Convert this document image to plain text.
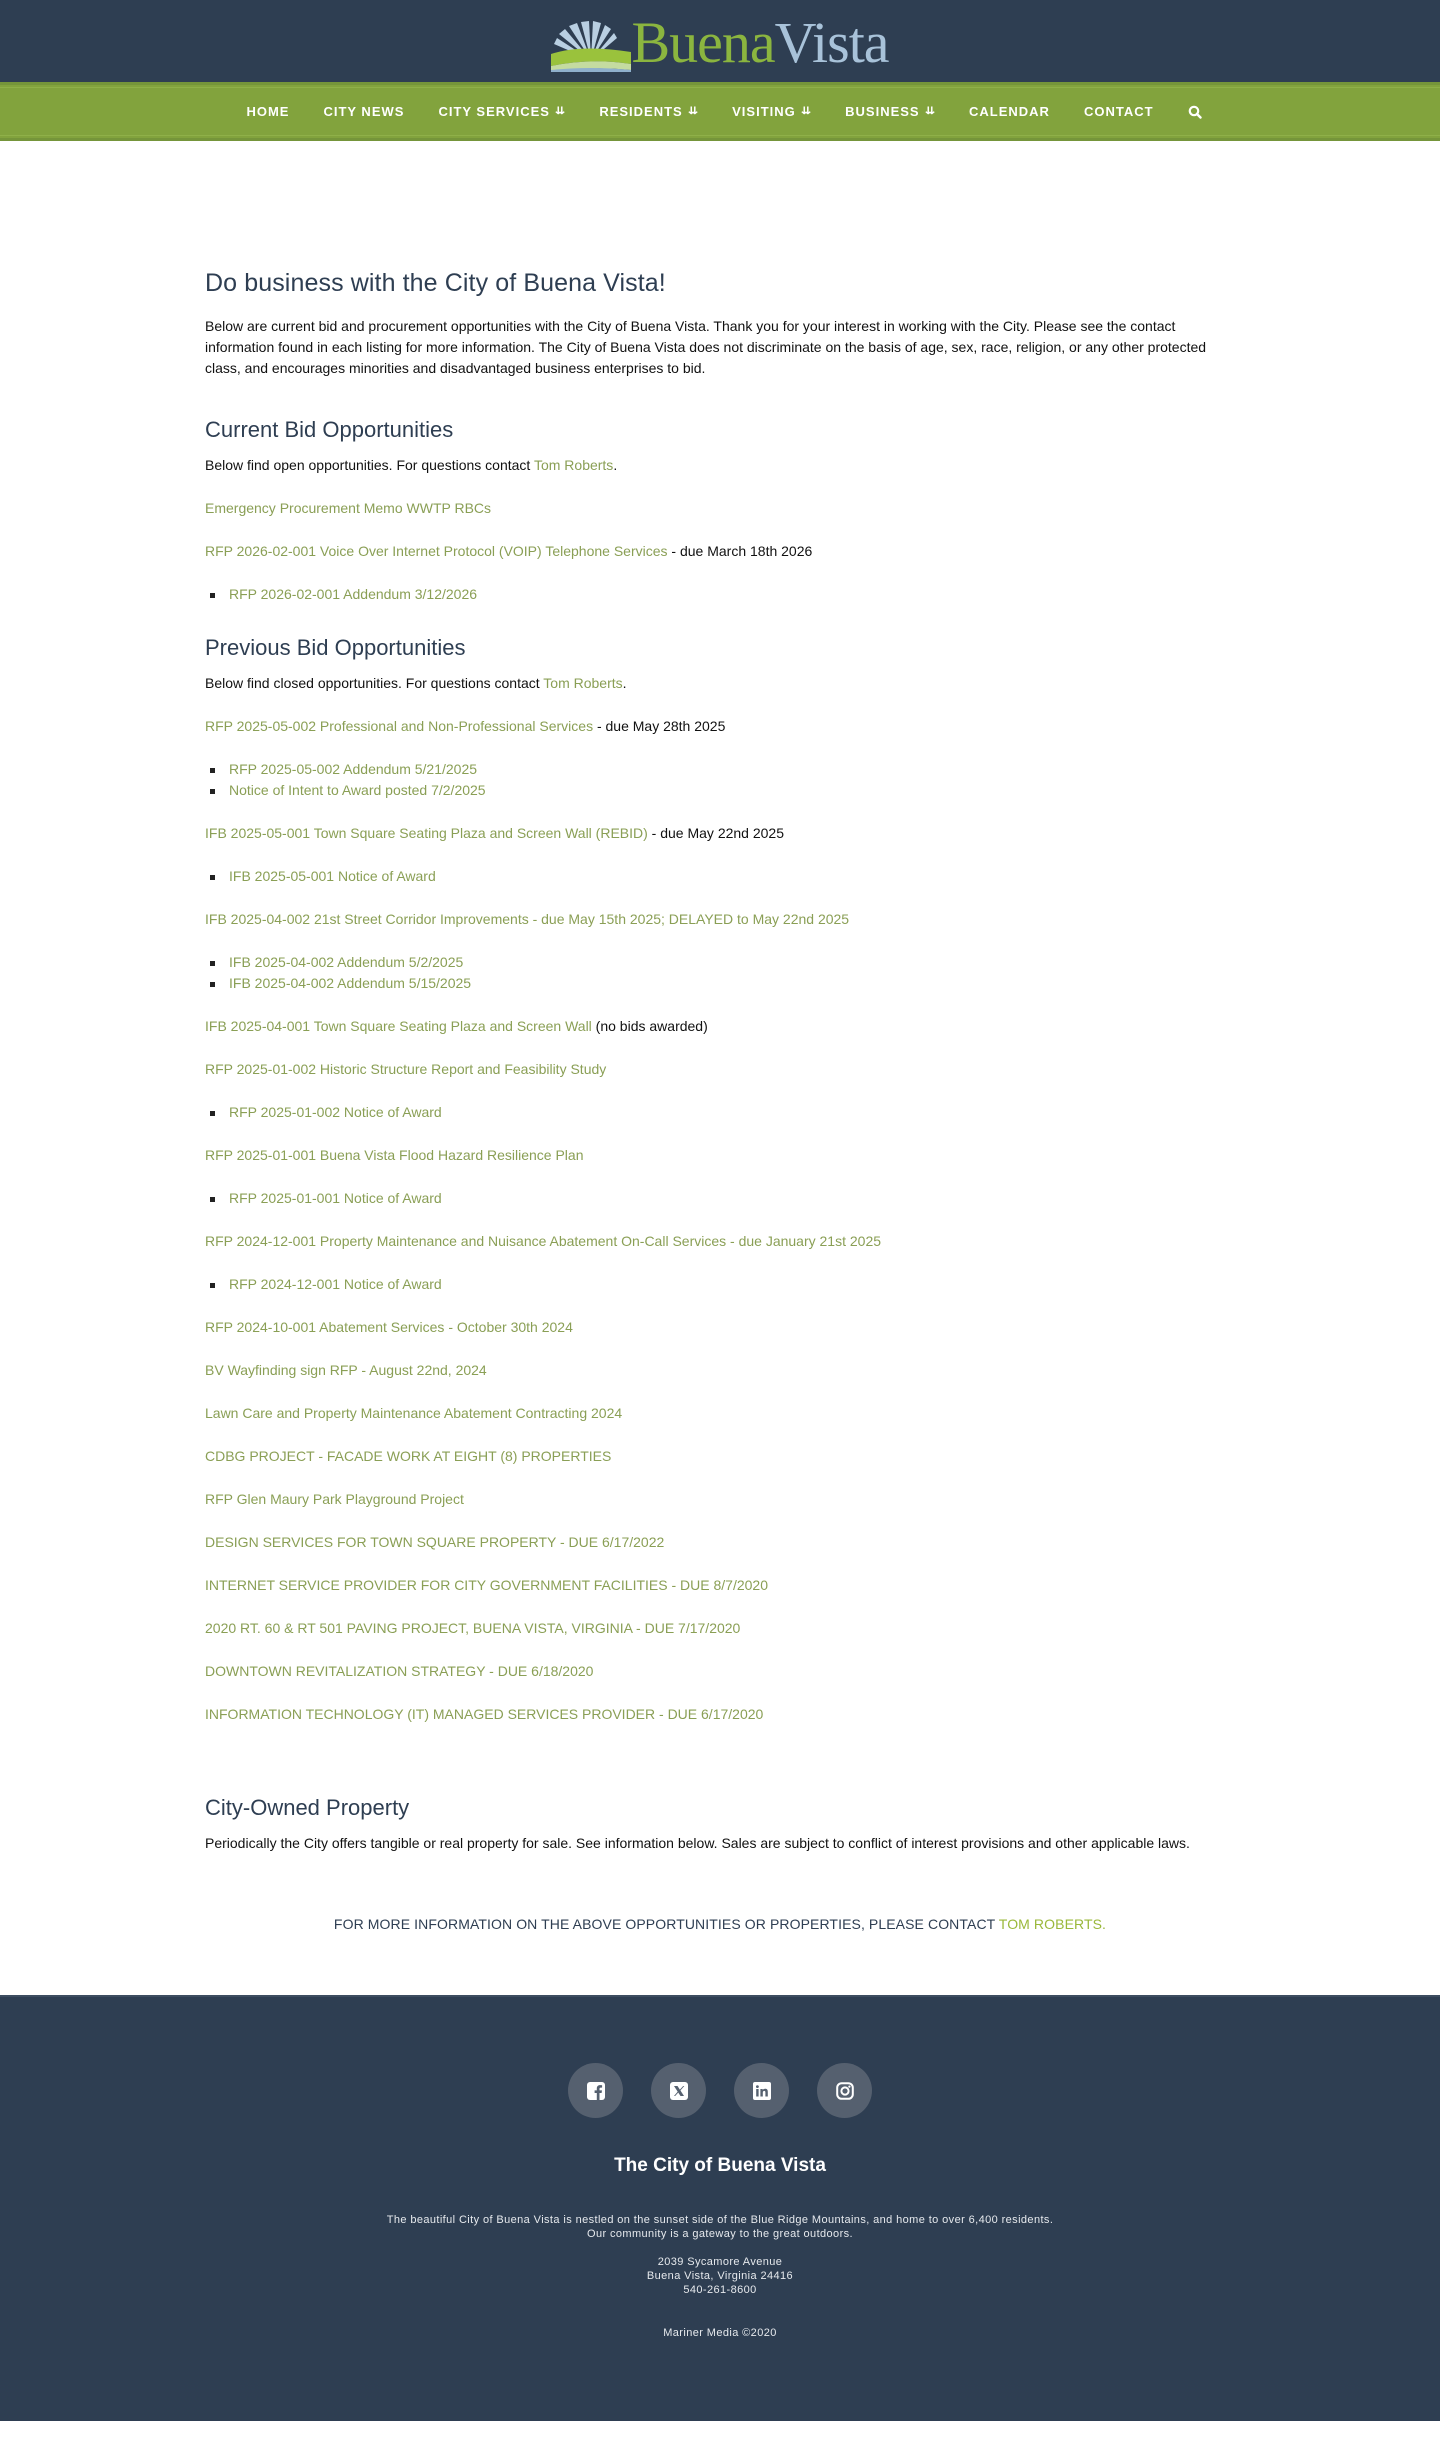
Buena Vista
HOME	CITY NEWS	CITY SERVICES ⇊	RESIDENTS ⇊	VISITING ⇊	BUSINESS ⇊	CALENDAR	CONTACT
Do business with the City of Buena Vista!

Below are current bid and procurement opportunities with the City of Buena Vista. Thank you for your interest in working with the City. Please see the contact information found in each listing for more information. The City of Buena Vista does not discriminate on the basis of age, sex, race, religion, or any other protected class, and encourages minorities and disadvantaged business enterprises to bid.

Current Bid Opportunities

Below find open opportunities. For questions contact Tom Roberts.

Emergency Procurement Memo WWTP RBCs
RFP 2026-02-001 Voice Over Internet Protocol (VOIP) Telephone Services - due March 18th 2026
RFP 2026-02-001 Addendum 3/12/2026
Previous Bid Opportunities

Below find closed opportunities. For questions contact Tom Roberts.

RFP 2025-05-002 Professional and Non-Professional Services - due May 28th 2025
RFP 2025-05-002 Addendum 5/21/2025
Notice of Intent to Award posted 7/2/2025
IFB 2025-05-001 Town Square Seating Plaza and Screen Wall (REBID) - due May 22nd 2025
IFB 2025-05-001 Notice of Award
IFB 2025-04-002 21st Street Corridor Improvements - due May 15th 2025; DELAYED to May 22nd 2025
IFB 2025-04-002 Addendum 5/2/2025
IFB 2025-04-002 Addendum 5/15/2025
IFB 2025-04-001 Town Square Seating Plaza and Screen Wall (no bids awarded)
RFP 2025-01-002 Historic Structure Report and Feasibility Study
RFP 2025-01-002 Notice of Award
RFP 2025-01-001 Buena Vista Flood Hazard Resilience Plan
RFP 2025-01-001 Notice of Award
RFP 2024-12-001 Property Maintenance and Nuisance Abatement On-Call Services - due January 21st 2025
RFP 2024-12-001 Notice of Award
RFP 2024-10-001 Abatement Services - October 30th 2024
BV Wayfinding sign RFP - August 22nd, 2024
Lawn Care and Property Maintenance Abatement Contracting 2024
CDBG PROJECT - FACADE WORK AT EIGHT (8) PROPERTIES
RFP Glen Maury Park Playground Project
DESIGN SERVICES FOR TOWN SQUARE PROPERTY - DUE 6/17/2022
INTERNET SERVICE PROVIDER FOR CITY GOVERNMENT FACILITIES - DUE 8/7/2020
2020 RT. 60 & RT 501 PAVING PROJECT, BUENA VISTA, VIRGINIA - DUE 7/17/2020
DOWNTOWN REVITALIZATION STRATEGY - DUE 6/18/2020
INFORMATION TECHNOLOGY (IT) MANAGED SERVICES PROVIDER - DUE 6/17/2020
City-Owned Property

Periodically the City offers tangible or real property for sale. See information below. Sales are subject to conflict of interest provisions and other applicable laws.

FOR MORE INFORMATION ON THE ABOVE OPPORTUNITIES OR PROPERTIES, PLEASE CONTACT TOM ROBERTS.

The City of Buena Vista
The beautiful City of Buena Vista is nestled on the sunset side of the Blue Ridge Mountains, and home to over 6,400 residents.
Our community is a gateway to the great outdoors.
2039 Sycamore Avenue
Buena Vista, Virginia 24416
540-261-8600
Mariner Media ©2020
